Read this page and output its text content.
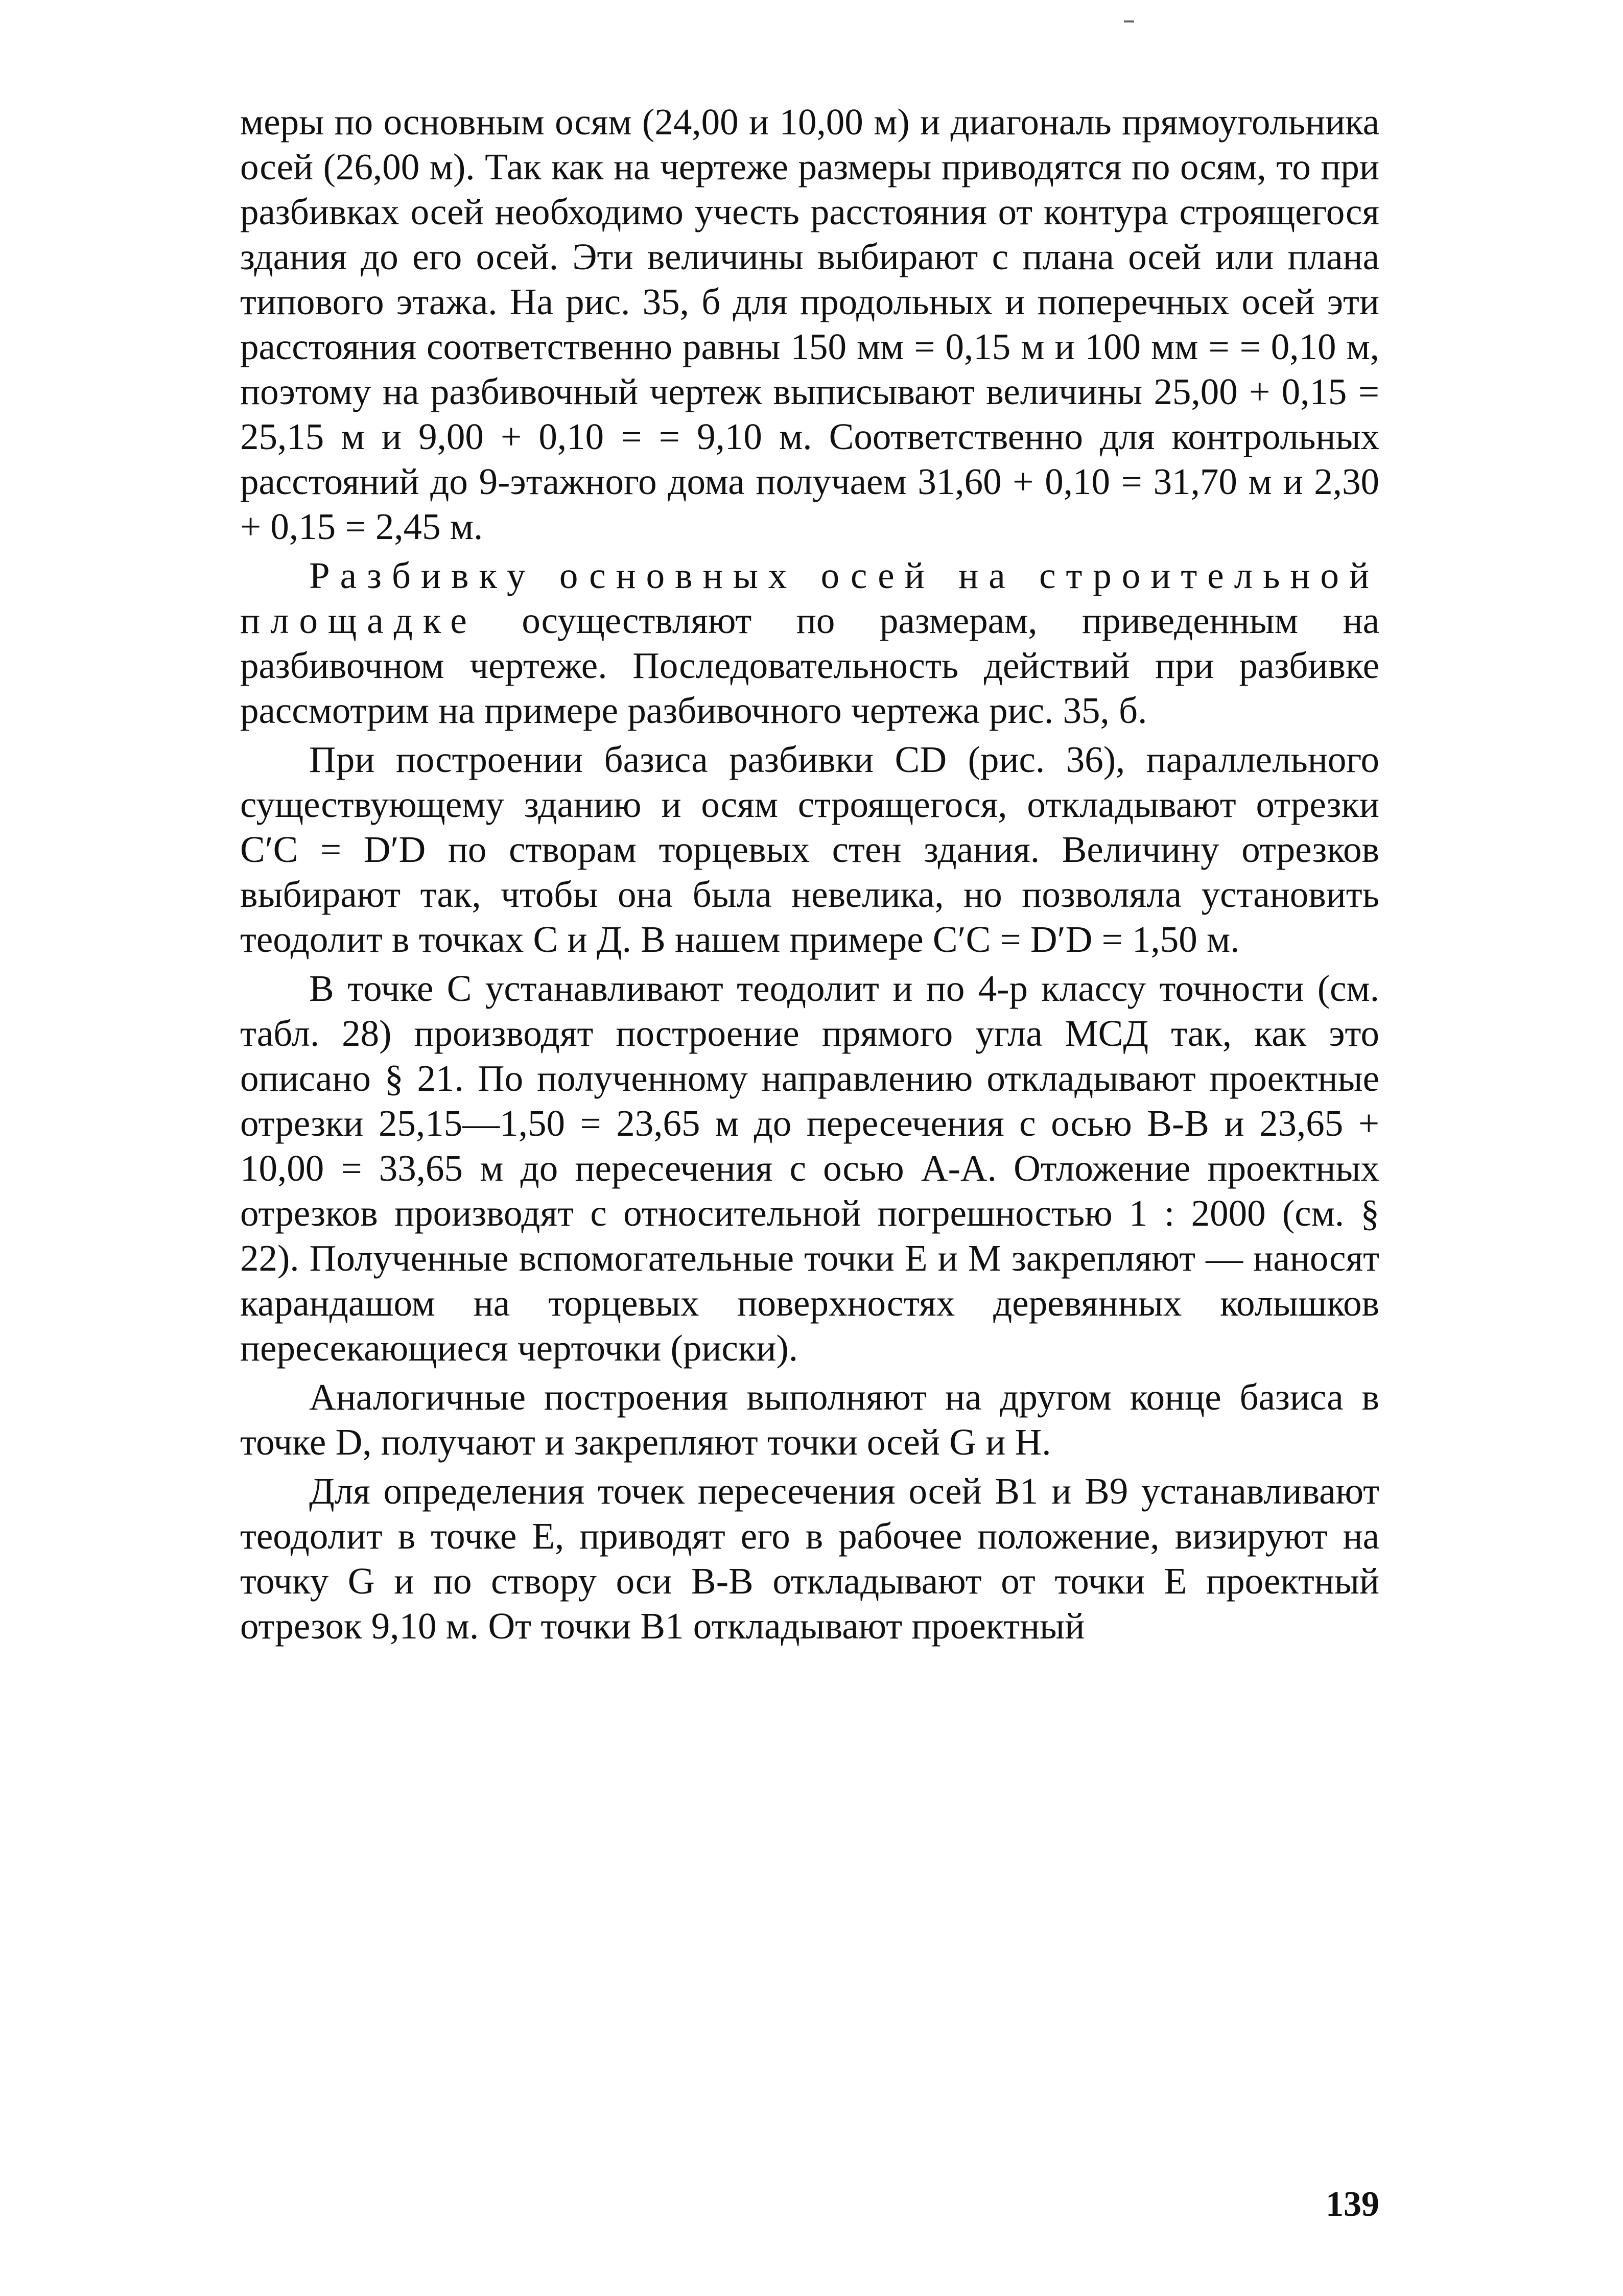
меры по основным осям (24,00 и 10,00 м) и диагональ прямоугольника осей (26,00 м). Так как на чертеже размеры приводятся по осям, то при разбивках осей необходимо учесть расстояния от контура строящегося здания до его осей. Эти величины выбирают с плана осей или плана типового этажа. На рис. 35, б для продольных и поперечных осей эти расстояния соответственно равны 150 мм = 0,15 м и 100 мм = = 0,10 м, поэтому на разбивочный чертеж выписывают величины 25,00 + 0,15 = 25,15 м и 9,00 + 0,10 = = 9,10 м. Соответственно для контрольных расстояний до 9-этажного дома получаем 31,60 + 0,10 = 31,70 м и 2,30 + 0,15 = 2,45 м.

Разбивку основных осей на строительной площадке осуществляют по размерам, приведенным на разбивочном чертеже. Последовательность действий при разбивке рассмотрим на примере разбивочного чертежа рис. 35, б.

При построении базиса разбивки CD (рис. 36), параллельного существующему зданию и осям строящегося, откладывают отрезки C′C = D′D по створам торцевых стен здания. Величину отрезков выбирают так, чтобы она была невелика, но позволяла установить теодолит в точках C и Д. В нашем примере C′C = D′D = 1,50 м.

В точке C устанавливают теодолит и по 4-р классу точности (см. табл. 28) производят построение прямого угла MCД так, как это описано § 21. По полученному направлению откладывают проектные отрезки 25,15—1,50 = 23,65 м до пересечения с осью B-B и 23,65 + 10,00 = 33,65 м до пересечения с осью A-A. Отложение проектных отрезков производят с относительной погрешностью 1 : 2000 (см. § 22). Полученные вспомогательные точки E и M закрепляют — наносят карандашом на торцевых поверхностях деревянных колышков пересекающиеся черточки (риски).

Аналогичные построения выполняют на другом конце базиса в точке D, получают и закрепляют точки осей G и H.

Для определения точек пересечения осей B1 и B9 устанавливают теодолит в точке E, приводят его в рабочее положение, визируют на точку G и по створу оси B-B откладывают от точки E проектный отрезок 9,10 м. От точки B1 откладывают проектный

139
